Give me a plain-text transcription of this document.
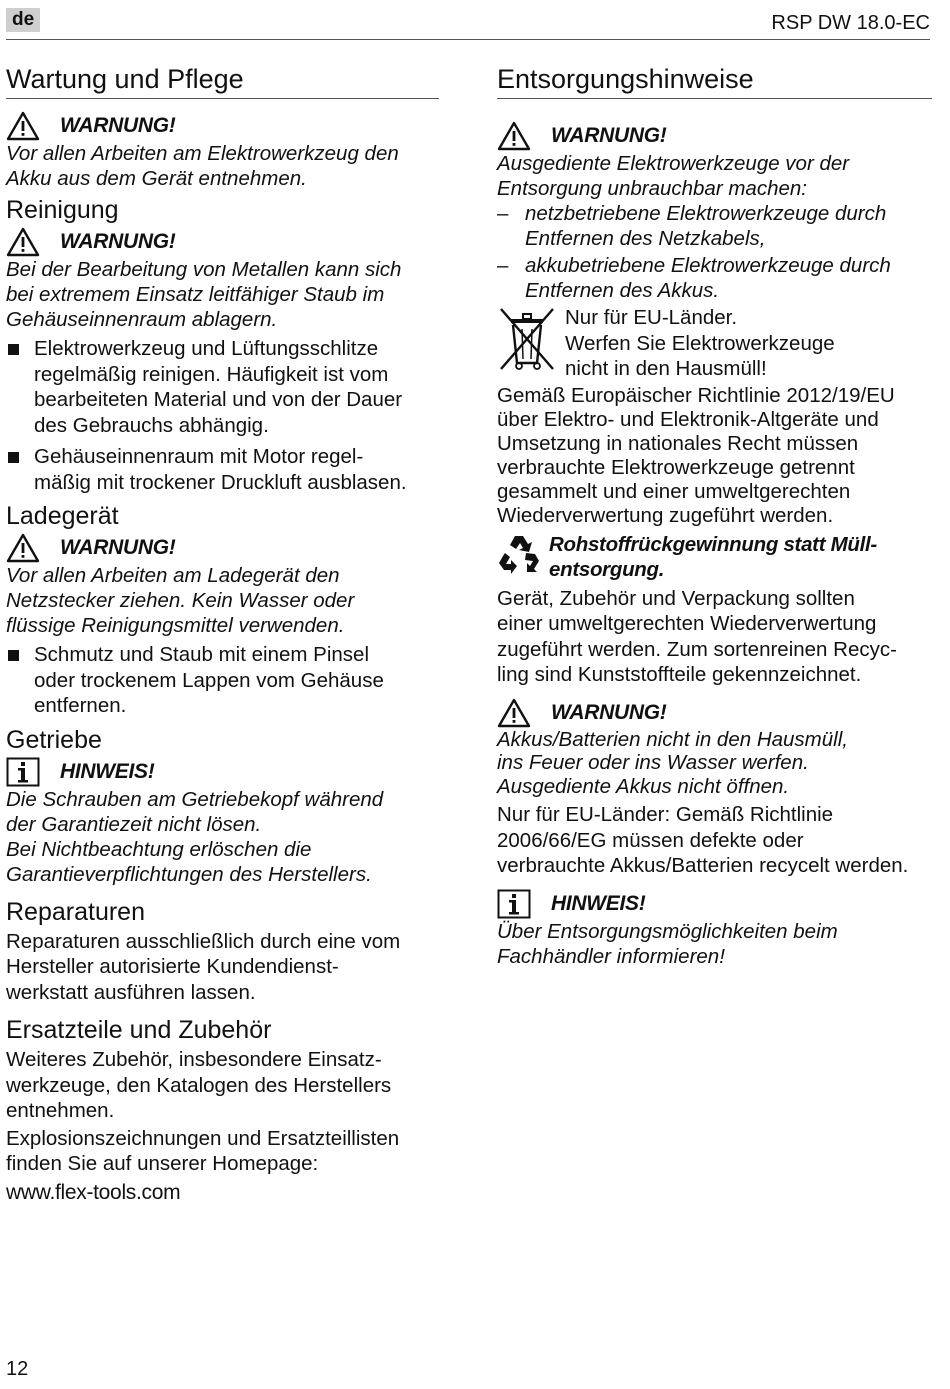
de	RSP DW 18.0-EC
Wartung und Pflege
WARNUNG!

Vor allen Arbeiten am Elektrowerkzeug den
Akku aus dem Gerät entnehmen.

Reinigung
WARNUNG!

Bei der Bearbeitung von Metallen kann sich
bei extremem Einsatz leitfähiger Staub im
Gehäuseinnenraum ablagern.

Elektrowerkzeug und Lüftungsschlitze
regelmäßig reinigen. Häufigkeit ist vom
bearbeiteten Material und von der Dauer
des Gebrauchs abhängig.
Gehäuseinnenraum mit Motor regel-
mäßig mit trockener Druckluft ausblasen.
Ladegerät
WARNUNG!

Vor allen Arbeiten am Ladegerät den
Netzstecker ziehen. Kein Wasser oder
flüssige Reinigungsmittel verwenden.

Schmutz und Staub mit einem Pinsel
oder trockenem Lappen vom Gehäuse
entfernen.
Getriebe
HINWEIS!

Die Schrauben am Getriebekopf während
der Garantiezeit nicht lösen.
Bei Nichtbeachtung erlöschen die
Garantieverpflichtungen des Herstellers.

Reparaturen

Reparaturen ausschließlich durch eine vom
Hersteller autorisierte Kundendienst-
werkstatt ausführen lassen.

Ersatzteile und Zubehör

Weiteres Zubehör, insbesondere Einsatz-
werkzeuge, den Katalogen des Herstellers
entnehmen.

Explosionszeichnungen und Ersatzteillisten
finden Sie auf unserer Homepage:

www.flex-tools.com

Entsorgungshinweise
WARNUNG!

Ausgediente Elektrowerkzeuge vor der
Entsorgung unbrauchbar machen:

– netzbetriebene Elektrowerkzeuge durch
Entfernen des Netzkabels,
– akkubetriebene Elektrowerkzeuge durch
Entfernen des Akkus.
Nur für EU-Länder.
Werfen Sie Elektrowerkzeuge
nicht in den Hausmüll!

Gemäß Europäischer Richtlinie 2012/19/EU
über Elektro- und Elektronik-Altgeräte und
Umsetzung in nationales Recht müssen
verbrauchte Elektrowerkzeuge getrennt
gesammelt und einer umweltgerechten
Wiederverwertung zugeführt werden.

Rohstoffrückgewinnung statt Müll-
entsorgung.

Gerät, Zubehör und Verpackung sollten
einer umweltgerechten Wiederverwertung
zugeführt werden. Zum sortenreinen Recyc-
ling sind Kunststoffteile gekennzeichnet.

WARNUNG!

Akkus/Batterien nicht in den Hausmüll,
ins Feuer oder ins Wasser werfen.
Ausgediente Akkus nicht öffnen.

Nur für EU-Länder: Gemäß Richtlinie
2006/66/EG müssen defekte oder
verbrauchte Akkus/Batterien recycelt werden.

HINWEIS!

Über Entsorgungsmöglichkeiten beim
Fachhändler informieren!

12
